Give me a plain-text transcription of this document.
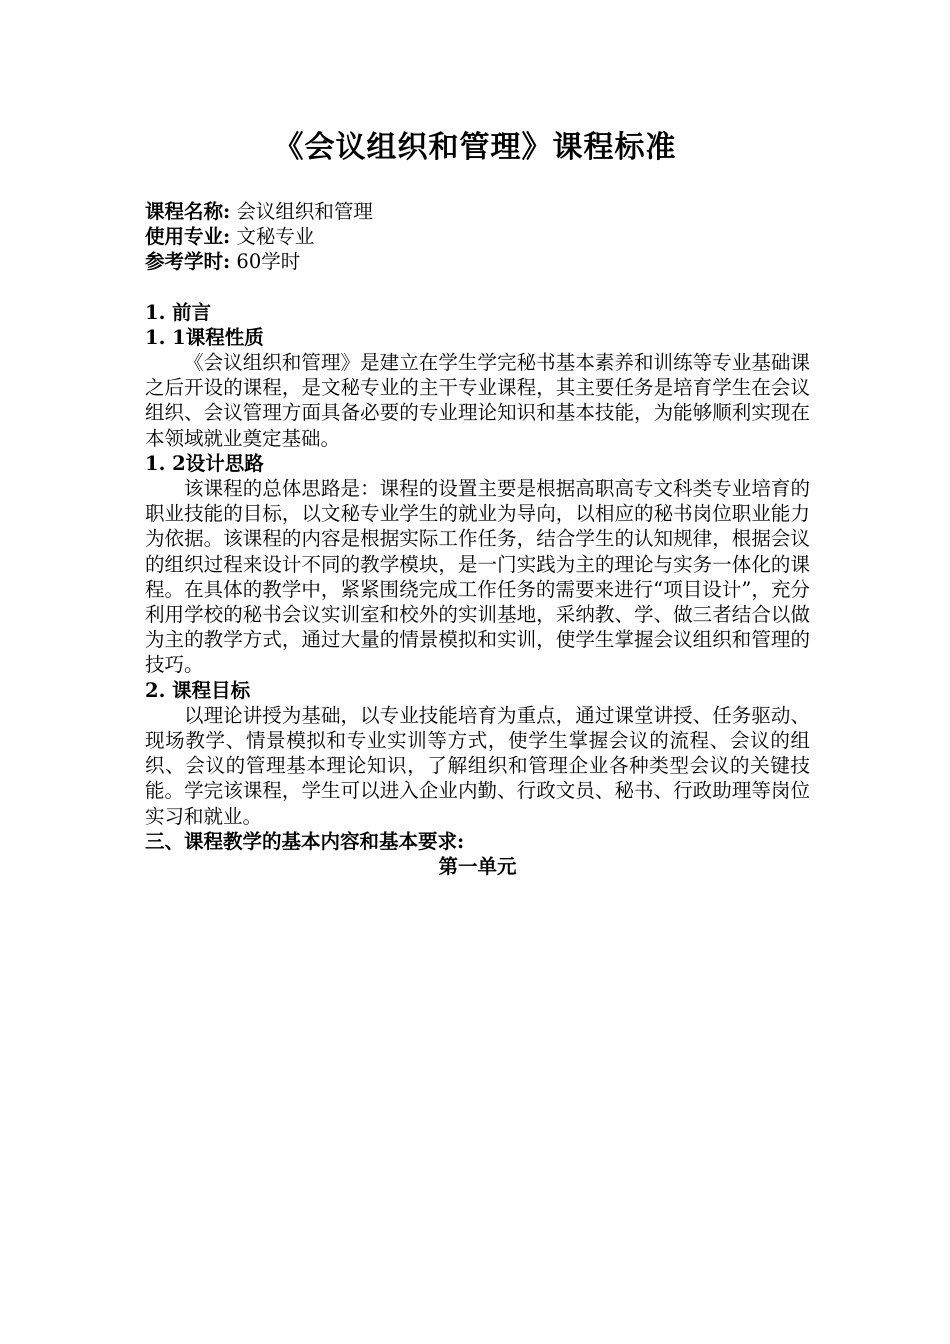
《会议组织和管理》课程标准
课程名称: 会议组织和管理
使用专业: 文秘专业
参考学时: 60学时
1. 前言
1. 1课程性质
《会议组织和管理》是建立在学生学完秘书基本素养和训练等专业基础课之后开设的课程，是文秘专业的主干专业课程，其主要任务是培育学生在会议组织、会议管理方面具备必要的专业理论知识和基本技能，为能够顺利实现在本领域就业奠定基础。
1. 2设计思路
该课程的总体思路是：课程的设置主要是根据高职高专文科类专业培育的职业技能的目标，以文秘专业学生的就业为导向，以相应的秘书岗位职业能力为依据。该课程的内容是根据实际工作任务，结合学生的认知规律，根据会议的组织过程来设计不同的教学模块，是一门实践为主的理论与实务一体化的课程。在具体的教学中，紧紧围绕完成工作任务的需要来进行“项目设计”，充分利用学校的秘书会议实训室和校外的实训基地，采纳教、学、做三者结合以做为主的教学方式，通过大量的情景模拟和实训，使学生掌握会议组织和管理的技巧。
2. 课程目标
以理论讲授为基础，以专业技能培育为重点，通过课堂讲授、任务驱动、现场教学、情景模拟和专业实训等方式，使学生掌握会议的流程、会议的组织、会议的管理基本理论知识，了解组织和管理企业各种类型会议的关键技能。学完该课程，学生可以进入企业内勤、行政文员、秘书、行政助理等岗位实习和就业。
三、课程教学的基本内容和基本要求:
第一单元
